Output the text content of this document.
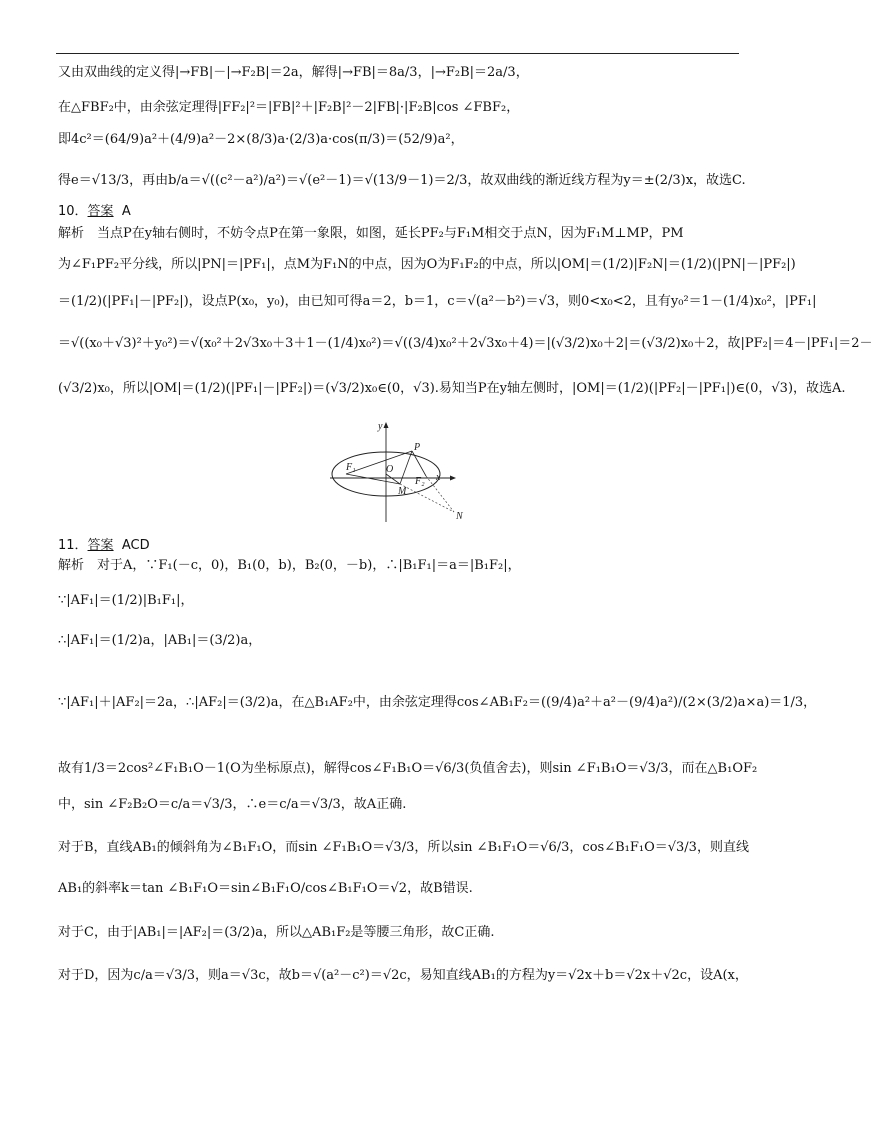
又由双曲线的定义得|→FB|－|→F₂B|＝2a，解得|→FB|＝8a/3，|→F₂B|＝2a/3，
在△FBF₂中，由余弦定理得|FF₂|²＝|FB|²＋|F₂B|²－2|FB|·|F₂B|cos ∠FBF₂，
即4c²＝(64/9)a²＋(4/9)a²－2×(8/3)a·(2/3)a·cos(π/3)＝(52/9)a²，
得e＝√13/3，再由b/a＝√((c²－a²)/a²)＝√(e²－1)＝√(13/9－1)＝2/3，故双曲线的渐近线方程为y＝±(2/3)x，故选C.
10．答案 A
解析　当点P在y轴右侧时，不妨令点P在第一象限，如图，延长PF₂与F₁M相交于点N，因为F₁M⊥MP，PM
为∠F₁PF₂平分线，所以|PN|＝|PF₁|，点M为F₁N的中点，因为O为F₁F₂的中点，所以|OM|＝(1/2)|F₂N|＝(1/2)(|PN|－|PF₂|)
＝(1/2)(|PF₁|－|PF₂|)，设点P(x₀，y₀)，由已知可得a＝2，b＝1，c＝√(a²－b²)＝√3，则0<x₀<2，且有y₀²＝1－(1/4)x₀²，|PF₁|
＝√((x₀＋√3)²＋y₀²)＝√(x₀²＋2√3x₀＋3＋1－(1/4)x₀²)＝√((3/4)x₀²＋2√3x₀＋4)＝|(√3/2)x₀＋2|＝(√3/2)x₀＋2，故|PF₂|＝4－|PF₁|＝2－
(√3/2)x₀，所以|OM|＝(1/2)(|PF₁|－|PF₂|)＝(√3/2)x₀∈(0，√3).易知当P在y轴左侧时，|OM|＝(1/2)(|PF₂|－|PF₁|)∈(0，√3)，故选A.
y
x
P
F₁
F₂
O
M
N
11．答案 ACD
解析　对于A，∵F₁(－c，0)，B₁(0，b)，B₂(0，－b)，∴|B₁F₁|＝a＝|B₁F₂|，
∵|AF₁|＝(1/2)|B₁F₁|，
∴|AF₁|＝(1/2)a，|AB₁|＝(3/2)a，
∵|AF₁|＋|AF₂|＝2a，∴|AF₂|＝(3/2)a，在△B₁AF₂中，由余弦定理得cos∠AB₁F₂＝((9/4)a²＋a²－(9/4)a²)/(2×(3/2)a×a)＝1/3，
故有1/3＝2cos²∠F₁B₁O－1(O为坐标原点)，解得cos∠F₁B₁O＝√6/3(负值舍去)，则sin ∠F₁B₁O＝√3/3，而在△B₁OF₂
中，sin ∠F₂B₂O＝c/a＝√3/3，∴e＝c/a＝√3/3，故A正确.
对于B，直线AB₁的倾斜角为∠B₁F₁O，而sin ∠F₁B₁O＝√3/3，所以sin ∠B₁F₁O＝√6/3，cos∠B₁F₁O＝√3/3，则直线
AB₁的斜率k＝tan ∠B₁F₁O＝sin∠B₁F₁O/cos∠B₁F₁O＝√2，故B错误.
对于C，由于|AB₁|＝|AF₂|＝(3/2)a，所以△AB₁F₂是等腰三角形，故C正确.
对于D，因为c/a＝√3/3，则a＝√3c，故b＝√(a²－c²)＝√2c，易知直线AB₁的方程为y＝√2x＋b＝√2x＋√2c，设A(x，
